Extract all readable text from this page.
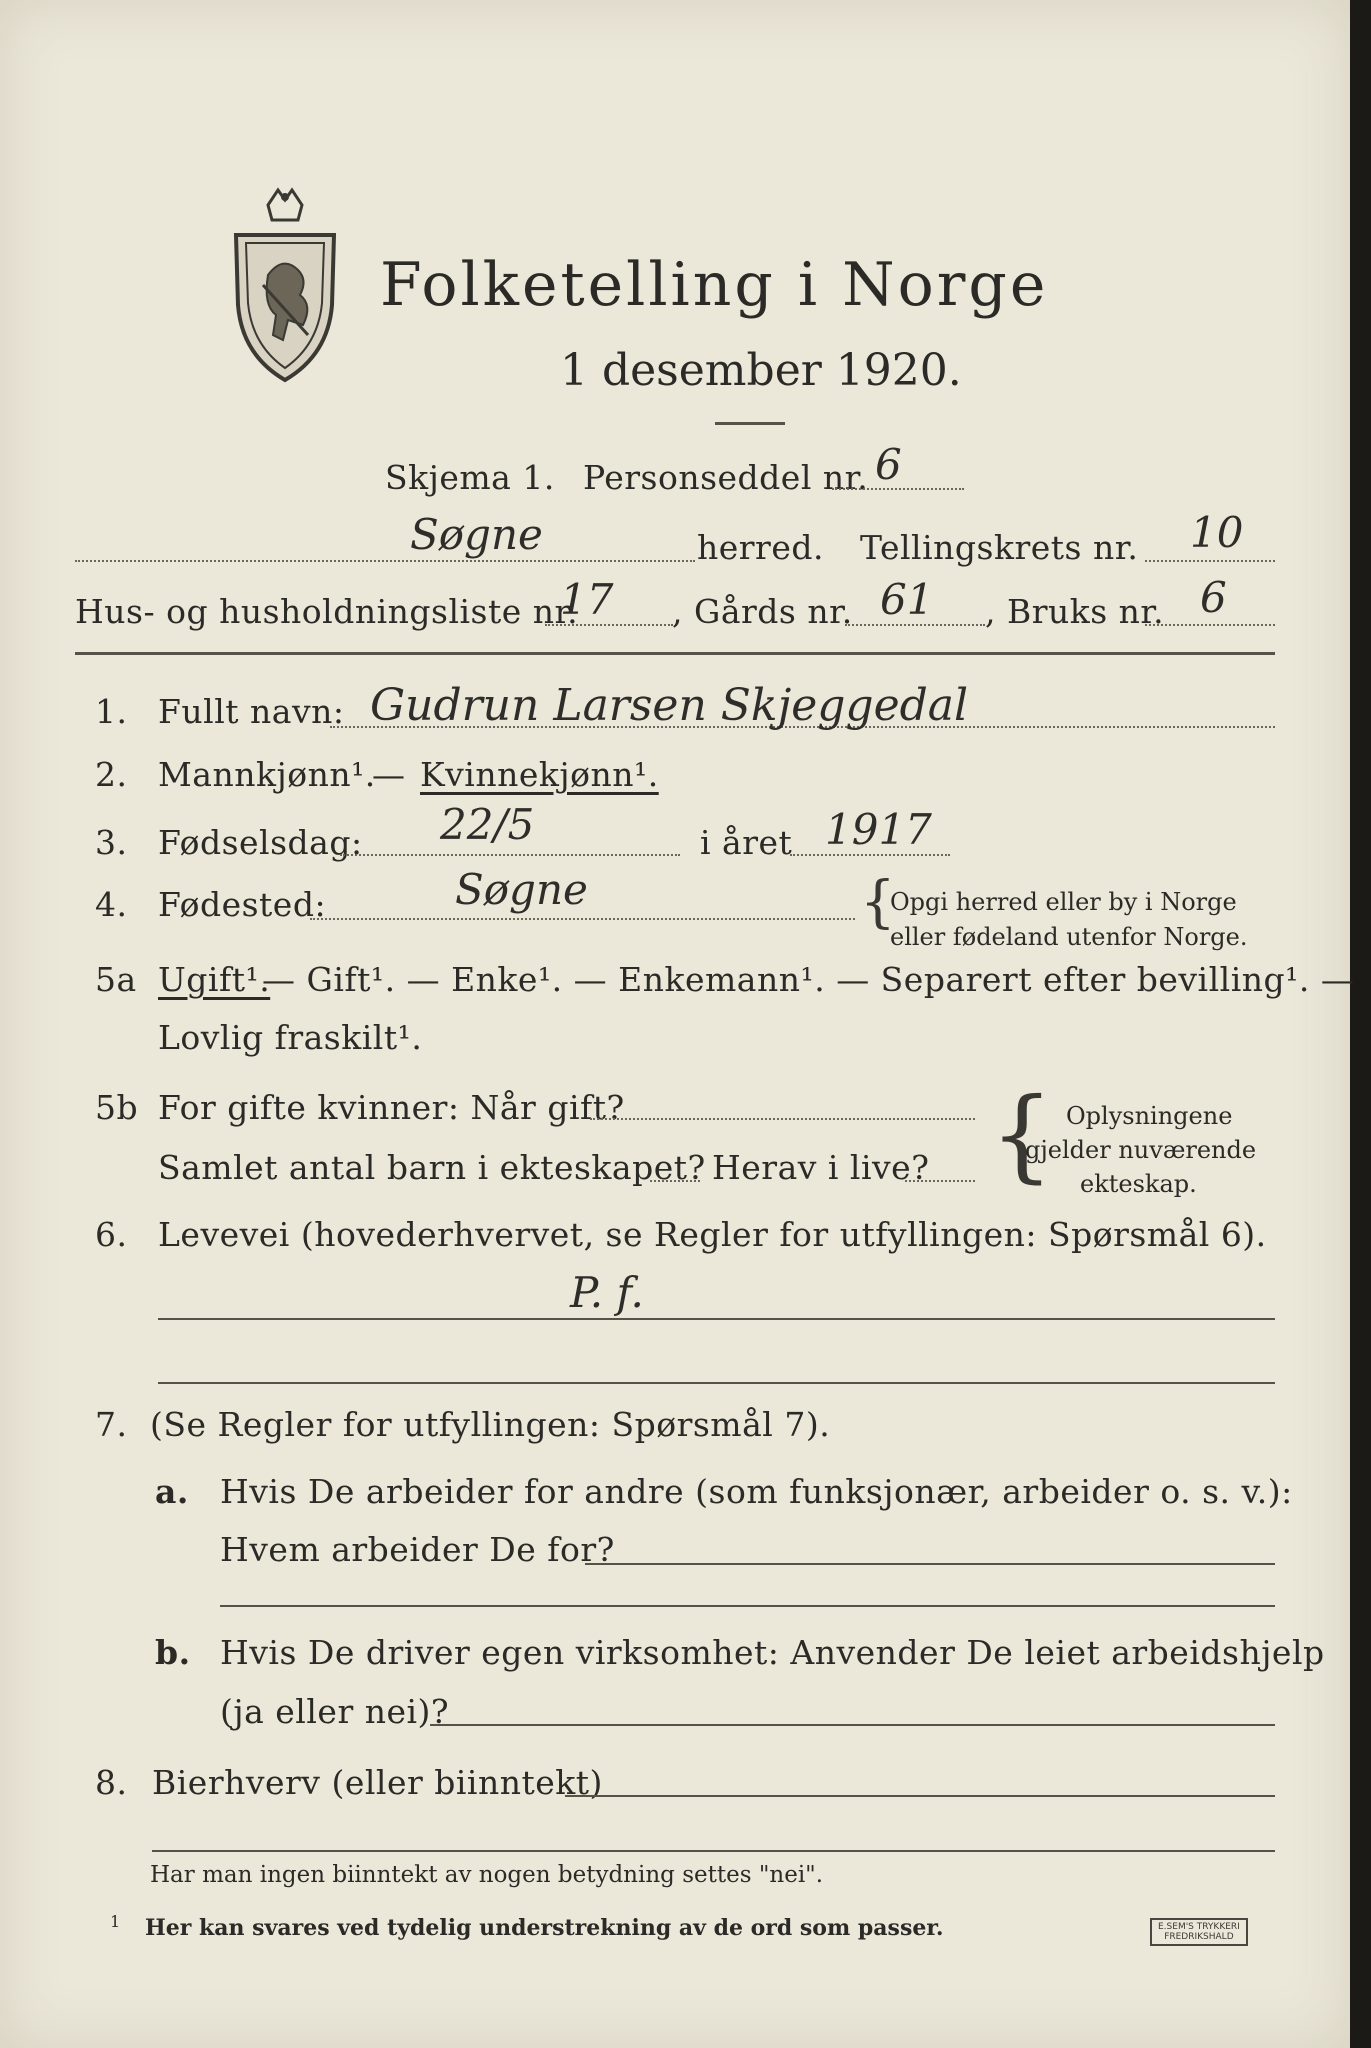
Folketelling i Norge
1 desember 1920.
Skjema 1. Personseddel nr. 6
Søgne	herred. Tellingskrets nr. 10
Hus- og husholdningsliste nr.
17 , Gårds nr. 61 , Bruks nr. 6
1. Fullt navn: Gudrun Larsen Skjeggedal
2. Mannkjønn¹.
— Kvinnekjønn¹.
3. Fødselsdag: 22/5	i året 1917
4. Fødested:	Søgne	{
Opgi herred eller by i Norge
eller fødeland utenfor Norge.
5a Ugift¹.
— Gift¹. — Enke¹. — Enkemann¹. — Separert efter bevilling¹. —
Lovlig fraskilt¹.
5b For gifte kvinner: Når gift?
Samlet antal barn i ekteskapet? Herav i live? { Oplysningene
gjelder nuværende
ekteskap.
6. Levevei (hovederhvervet, se Regler for utfyllingen: Spørsmål 6).
P. f.
7. (Se Regler for utfyllingen: Spørsmål 7).
a. Hvis De arbeider for andre (som funksjonær, arbeider o. s. v.):
Hvem arbeider De for?
b. Hvis De driver egen virksomhet: Anvender De leiet arbeidshjelp
(ja eller nei)?
8. Bierhverv (eller biinntekt)
Har man ingen biinntekt av nogen betydning settes "nei".
1 Her kan svares ved tydelig understrekning av de ord som passer.	E.SEM'S TRYKKERI
FREDRIKSHALD
